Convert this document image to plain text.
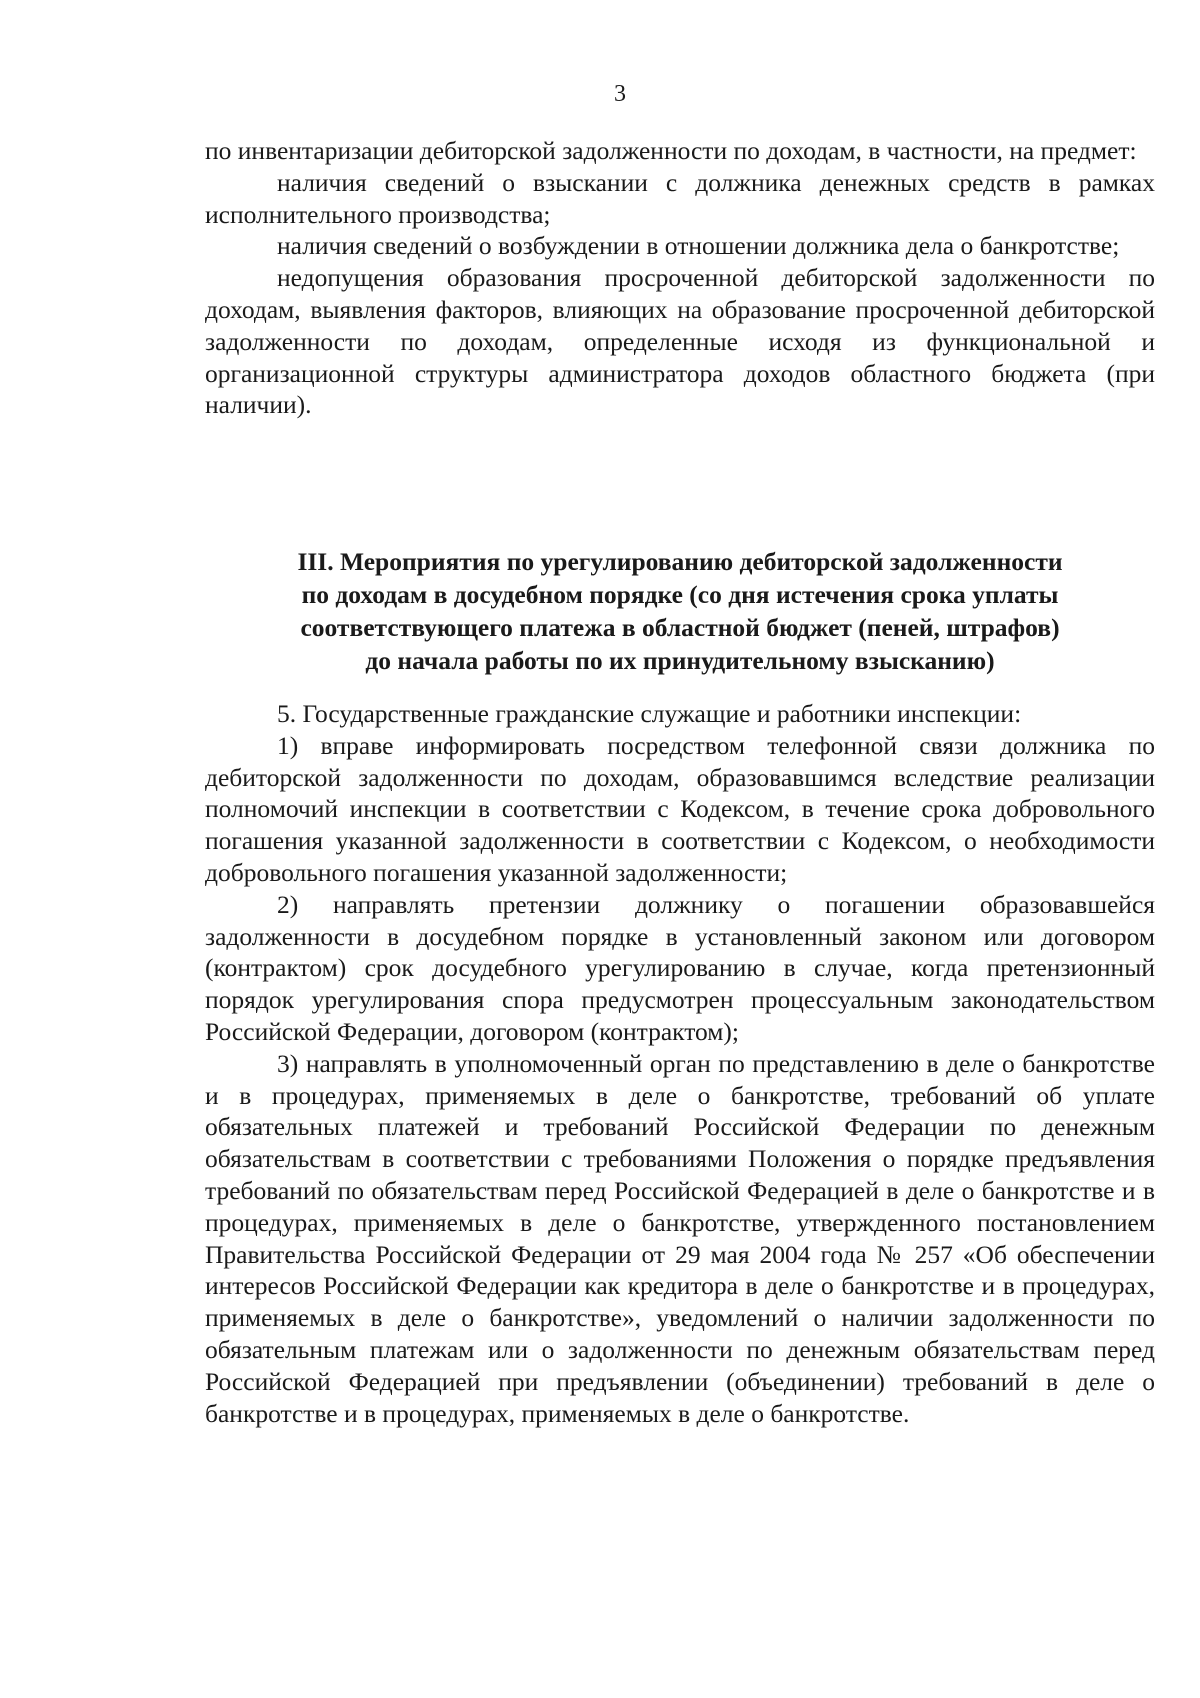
3

по инвентаризации дебиторской задолженности по доходам, в частности, на предмет:

наличия сведений о взыскании с должника денежных средств в рамках исполнительного производства;

наличия сведений о возбуждении в отношении должника дела о банкротстве;

недопущения образования просроченной дебиторской задолженности по доходам, выявления факторов, влияющих на образование просроченной дебиторской задолженности по доходам, определенные исходя из функциональной и организационной структуры администратора доходов областного бюджета (при наличии).

III. Мероприятия по урегулированию дебиторской задолженности
по доходам в досудебном порядке (со дня истечения срока уплаты
соответствующего платежа в областной бюджет (пеней, штрафов)
до начала работы по их принудительному взысканию)

5. Государственные гражданские служащие и работники инспекции:

1) вправе информировать посредством телефонной связи должника по дебиторской задолженности по доходам, образовавшимся вследствие реализации полномочий инспекции в соответствии с Кодексом, в течение срока добровольного погашения указанной задолженности в соответствии с Кодексом, о необходимости добровольного погашения указанной задолженности;

2) направлять претензии должнику о погашении образовавшейся задолженности в досудебном порядке в установленный законом или договором (контрактом) срок досудебного урегулированию в случае, когда претензионный порядок урегулирования спора предусмотрен процессуальным законодательством Российской Федерации, договором (контрактом);

3) направлять в уполномоченный орган по представлению в деле о банкротстве и в процедурах, применяемых в деле о банкротстве, требований об уплате обязательных платежей и требований Российской Федерации по денежным обязательствам в соответствии с требованиями Положения о порядке предъявления требований по обязательствам перед Российской Федерацией в деле о банкротстве и в процедурах, применяемых в деле о банкротстве, утвержденного постановлением Правительства Российской Федерации от 29 мая 2004 года № 257 «Об обеспечении интересов Российской Федерации как кредитора в деле о банкротстве и в процедурах, применяемых в деле о банкротстве», уведомлений о наличии задолженности по обязательным платежам или о задолженности по денежным обязательствам перед Российской Федерацией при предъявлении (объединении) требований в деле о банкротстве и в процедурах, применяемых в деле о банкротстве.
